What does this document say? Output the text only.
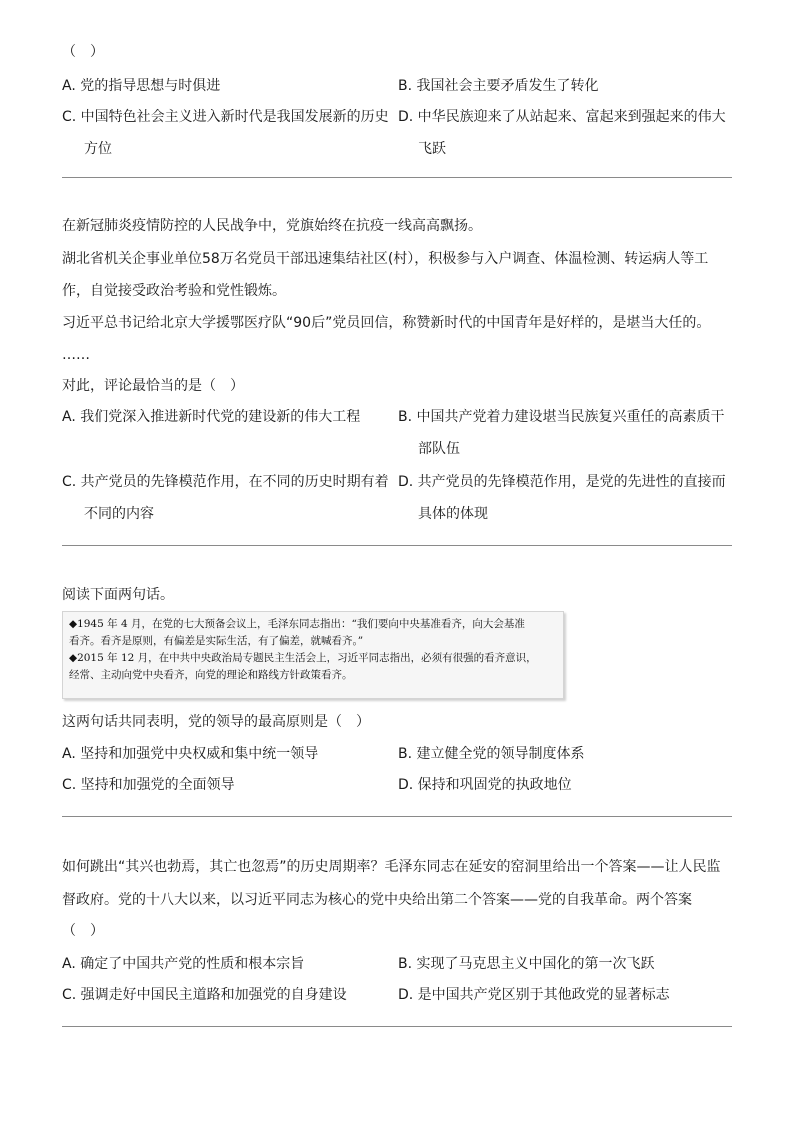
（　）
A. 党的指导思想与时俱进	B. 我国社会主要矛盾发生了转化
C. 中国特色社会主义进入新时代是我国发展新的历史
方位
D. 中华民族迎来了从站起来、富起来到强起来的伟大
飞跃
在新冠肺炎疫情防控的人民战争中，党旗始终在抗疫一线高高飘扬。
湖北省机关企事业单位58万名党员干部迅速集结社区(村），积极参与入户调查、体温检测、转运病人等工
作，自觉接受政治考验和党性锻炼。
习近平总书记给北京大学援鄂医疗队“90后”党员回信，称赞新时代的中国青年是好样的，是堪当大任的。
……
对此，评论最恰当的是（　）
A. 我们党深入推进新时代党的建设新的伟大工程	B. 中国共产党着力建设堪当民族复兴重任的高素质干
部队伍
C. 共产党员的先锋模范作用，在不同的历史时期有着
不同的内容
D. 共产党员的先锋模范作用，是党的先进性的直接而
具体的体现
阅读下面两句话。
◆1945 年 4 月，在党的七大预备会议上，毛泽东同志指出：“我们要向中央基准看齐，向大会基准
看齐。看齐是原则，有偏差是实际生活，有了偏差，就喊看齐。”
◆2015 年 12 月，在中共中央政治局专题民主生活会上，习近平同志指出，必须有很强的看齐意识，
经常、主动向党中央看齐，向党的理论和路线方针政策看齐。
这两句话共同表明，党的领导的最高原则是（　）
A. 坚持和加强党中央权威和集中统一领导	B. 建立健全党的领导制度体系
C. 坚持和加强党的全面领导	D. 保持和巩固党的执政地位
如何跳出“其兴也勃焉，其亡也忽焉”的历史周期率？毛泽东同志在延安的窑洞里给出一个答案——让人民监
督政府。党的十八大以来，以习近平同志为核心的党中央给出第二个答案——党的自我革命。两个答案
（　）
A. 确定了中国共产党的性质和根本宗旨	B. 实现了马克思主义中国化的第一次飞跃
C. 强调走好中国民主道路和加强党的自身建设	D. 是中国共产党区别于其他政党的显著标志
